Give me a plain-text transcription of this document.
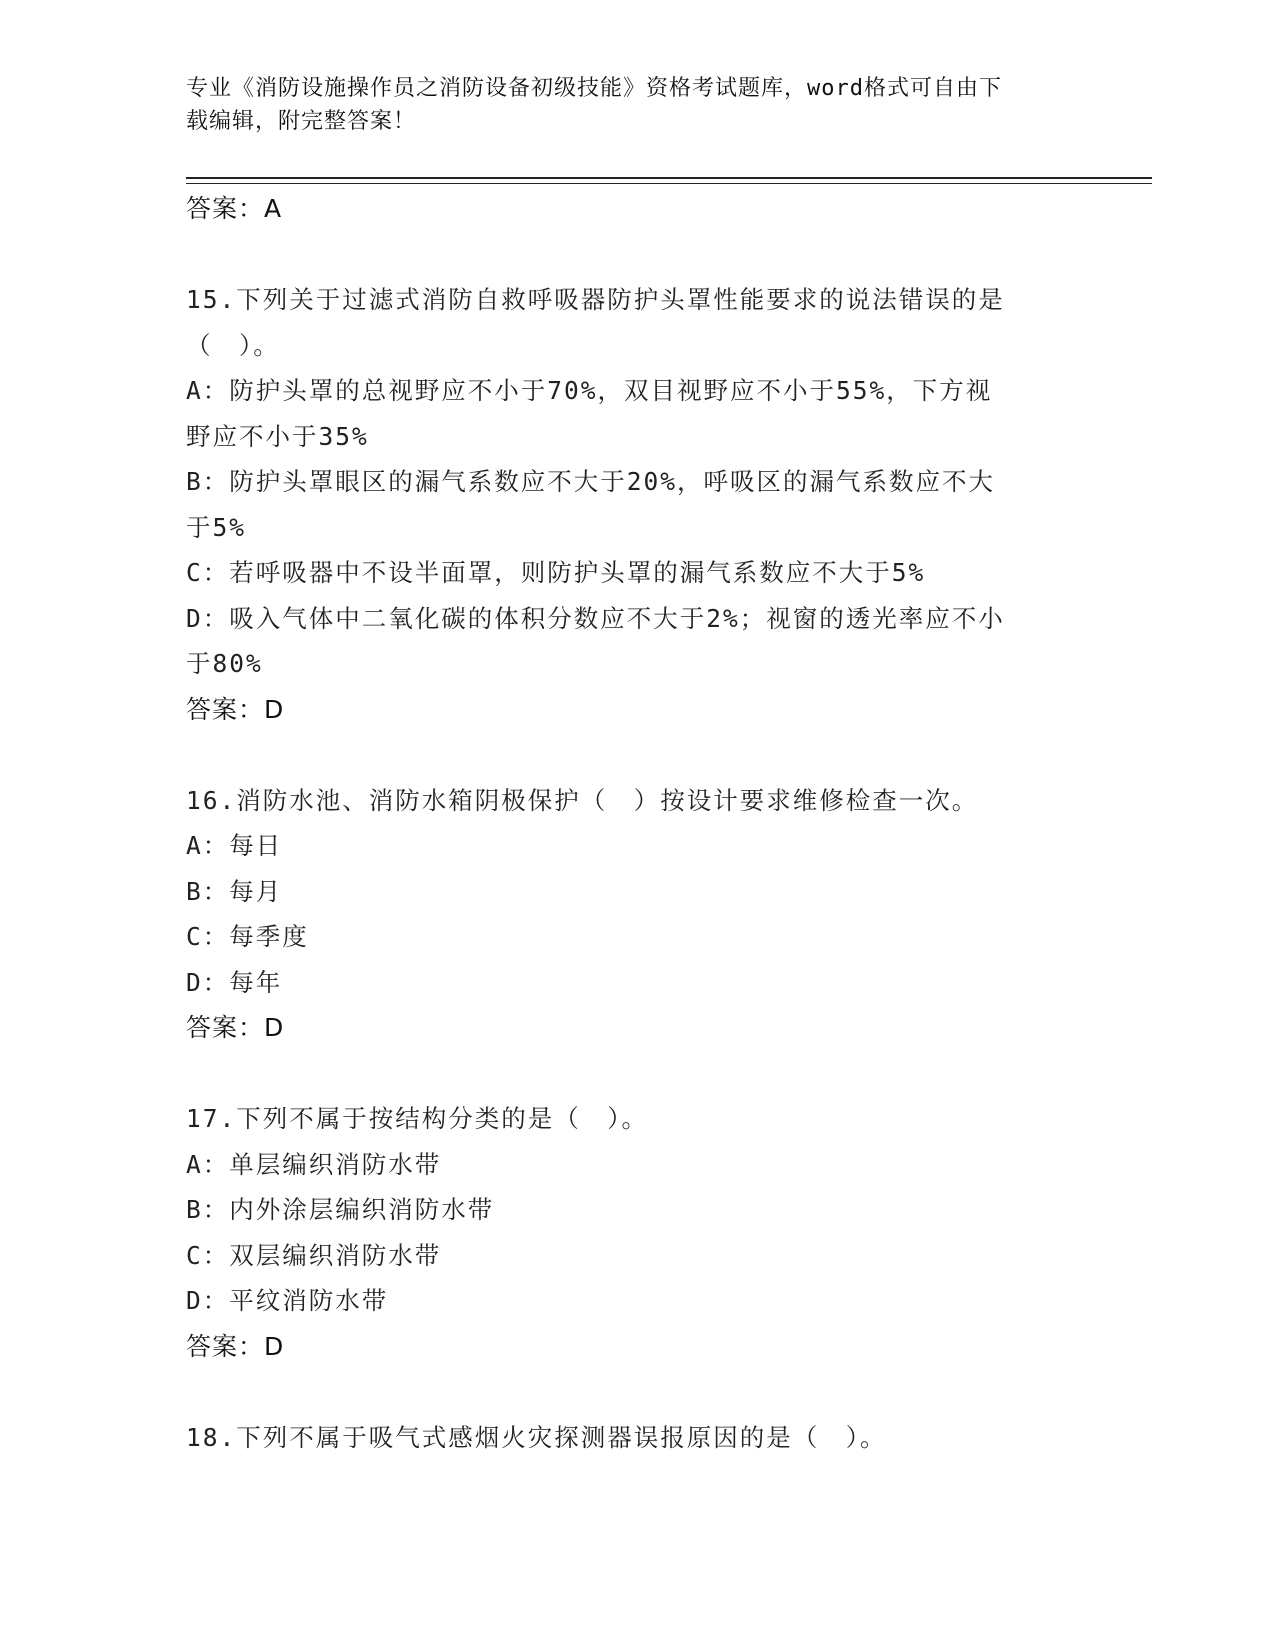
专业《消防设施操作员之消防设备初级技能》资格考试题库，word格式可自由下
载编辑，附完整答案！
答案：A
15.下列关于过滤式消防自救呼吸器防护头罩性能要求的说法错误的是
（　）。
A：防护头罩的总视野应不小于70%，双目视野应不小于55%，下方视
野应不小于35%
B：防护头罩眼区的漏气系数应不大于20%，呼吸区的漏气系数应不大
于5%
C：若呼吸器中不设半面罩，则防护头罩的漏气系数应不大于5%
D：吸入气体中二氧化碳的体积分数应不大于2%；视窗的透光率应不小
于80%
答案：D
16.消防水池、消防水箱阴极保护（　）按设计要求维修检查一次。
A：每日
B：每月
C：每季度
D：每年
答案：D
17.下列不属于按结构分类的是（　）。
A：单层编织消防水带
B：内外涂层编织消防水带
C：双层编织消防水带
D：平纹消防水带
答案：D
18.下列不属于吸气式感烟火灾探测器误报原因的是（　）。
